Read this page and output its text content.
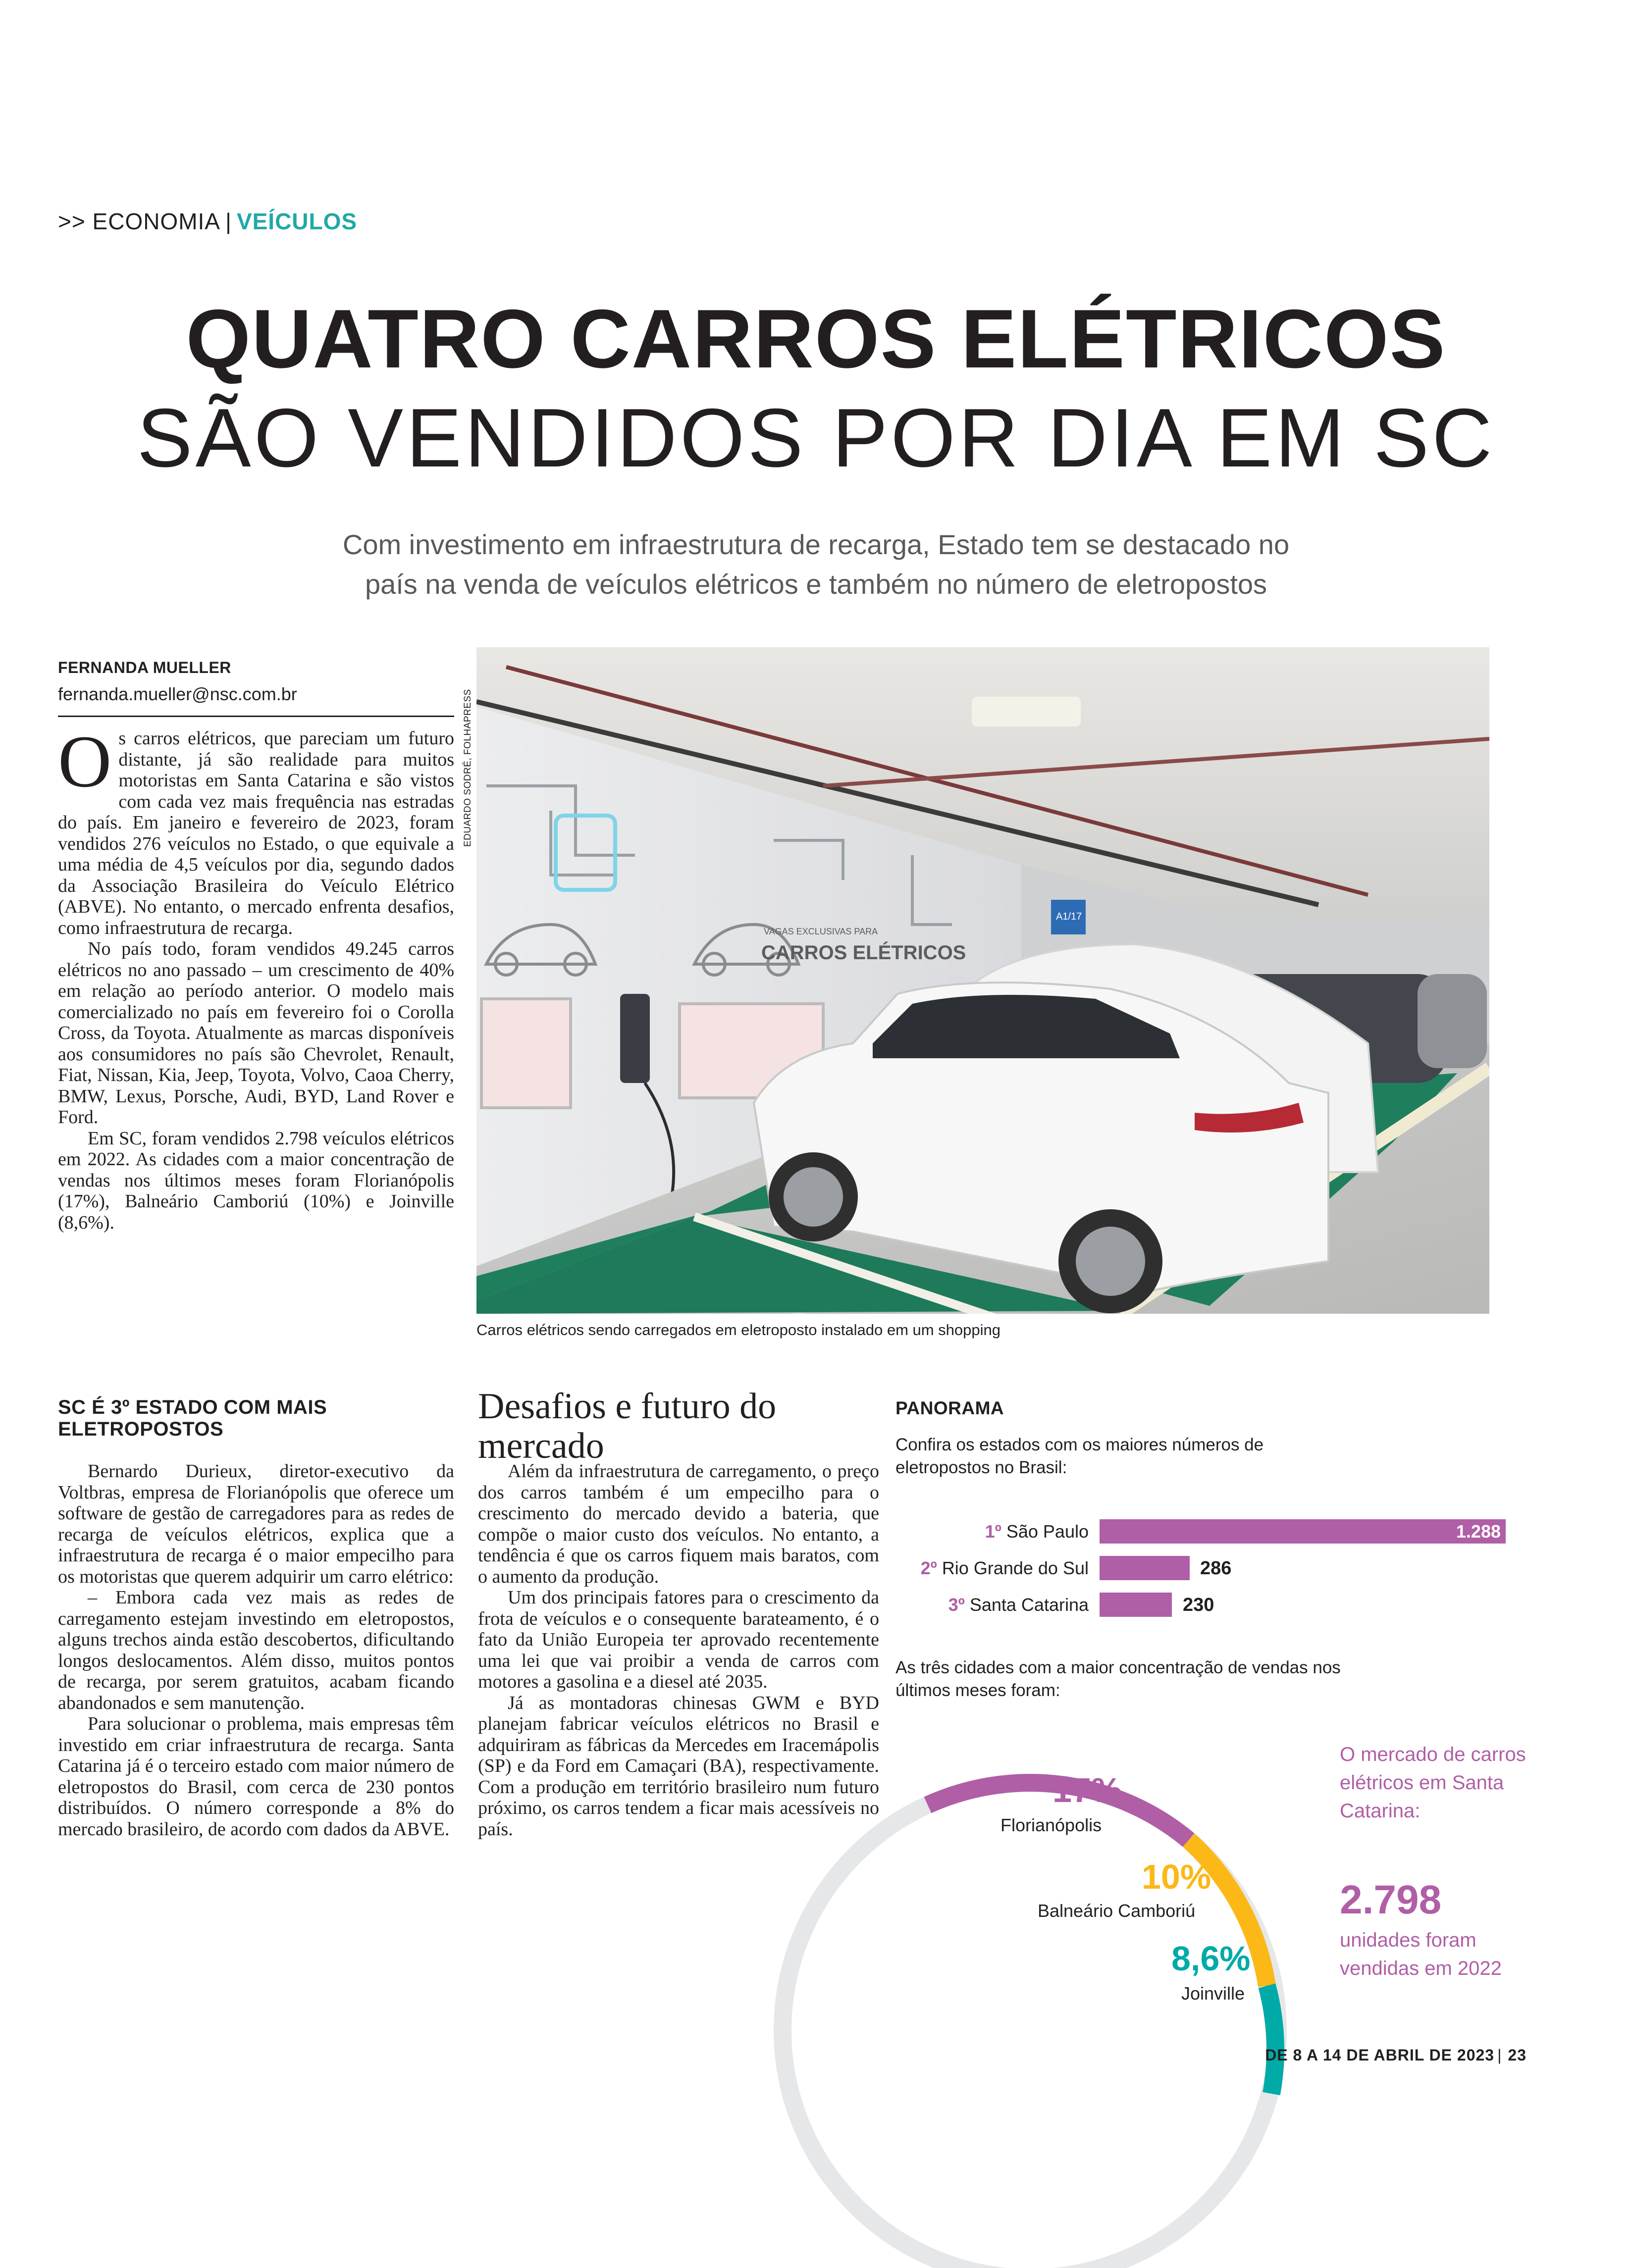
>> ECONOMIA | VEÍCULOS
QUATRO CARROS ELÉTRICOS
SÃO VENDIDOS POR DIA EM SC
Com investimento em infraestrutura de recarga, Estado tem se destacado no
país na venda de veículos elétricos e também no número de eletropostos
FERNANDA MUELLER
fernanda.mueller@nsc.com.br

Os carros elétricos, que pareciam um futuro distante, já são realidade para muitos motoristas em Santa Catarina e são vistos com cada vez mais frequência nas estradas do país. Em janeiro e fevereiro de 2023, foram vendidos 276 veículos no Estado, o que equivale a uma média de 4,5 veículos por dia, segundo dados da Associação Brasileira do Veículo Elétrico (ABVE). No entanto, o mercado enfrenta desafios, como infraestrutura de recarga.

No país todo, foram vendidos 49.245 carros elétricos no ano passado – um crescimento de 40% em relação ao período anterior. O modelo mais comercializado no país em fevereiro foi o Corolla Cross, da Toyota. Atualmente as marcas disponíveis aos consumidores no país são Chevrolet, Renault, Fiat, Nissan, Kia, Jeep, Toyota, Volvo, Caoa Cherry, BMW, Lexus, Porsche, Audi, BYD, Land Rover e Ford.

Em SC, foram vendidos 2.798 veículos elétricos em 2022. As cidades com a maior concentração de vendas nos últimos meses foram Florianópolis (17%), Balneário Camboriú (10%) e Joinville (8,6%).

EDUARDO SODRÉ, FOLHAPRESS
VAGAS EXCLUSIVAS PARA
CARROS ELÉTRICOS
A1/17
Carros elétricos sendo carregados em eletroposto instalado em um shopping
SC É 3º ESTADO COM MAIS ELETROPOSTOS

Bernardo Durieux, diretor-executivo da Voltbras, empresa de Florianópolis que oferece um software de gestão de carregadores para as redes de recarga de veículos elétricos, explica que a infraestrutura de recarga é o maior empecilho para os motoristas que querem adquirir um carro elétrico:

– Embora cada vez mais as redes de carregamento estejam investindo em eletropostos, alguns trechos ainda estão descobertos, dificultando longos deslocamentos. Além disso, muitos pontos de recarga, por serem gratuitos, acabam ficando abandonados e sem manutenção.

Para solucionar o problema, mais empresas têm investido em criar infraestrutura de recarga. Santa Catarina já é o terceiro estado com maior número de eletropostos do Brasil, com cerca de 230 pontos distribuídos. O número corresponde a 8% do mercado brasileiro, de acordo com dados da ABVE.

Desafios e futuro do mercado

Além da infraestrutura de carregamento, o preço dos carros também é um empecilho para o crescimento do mercado devido a bateria, que compõe o maior custo dos veículos. No entanto, a tendência é que os carros fiquem mais baratos, com o aumento da produção.

Um dos principais fatores para o crescimento da frota de veículos e o consequente barateamento, é o fato da União Europeia ter aprovado recentemente uma lei que vai proibir a venda de carros com motores a gasolina e a diesel até 2035.

Já as montadoras chinesas GWM e BYD planejam fabricar veículos elétricos no Brasil e adquiriram as fábricas da Mercedes em Iracemápolis (SP) e da Ford em Camaçari (BA), respectivamente. Com a produção em território brasileiro num futuro próximo, os carros tendem a ficar mais acessíveis no país.

PANORAMA
Confira os estados com os maiores números de eletropostos no Brasil:
1º São Paulo	1.288
2º Rio Grande do Sul	286
3º Santa Catarina	230
As três cidades com a maior concentração de vendas nos últimos meses foram:
17%
Florianópolis
10%
Balneário Camboriú
8,6%
Joinville
O mercado de carros elétricos em Santa Catarina:
2.798
unidades foram vendidas em 2022
DE 8 A 14 DE ABRIL DE 2023 | 23
